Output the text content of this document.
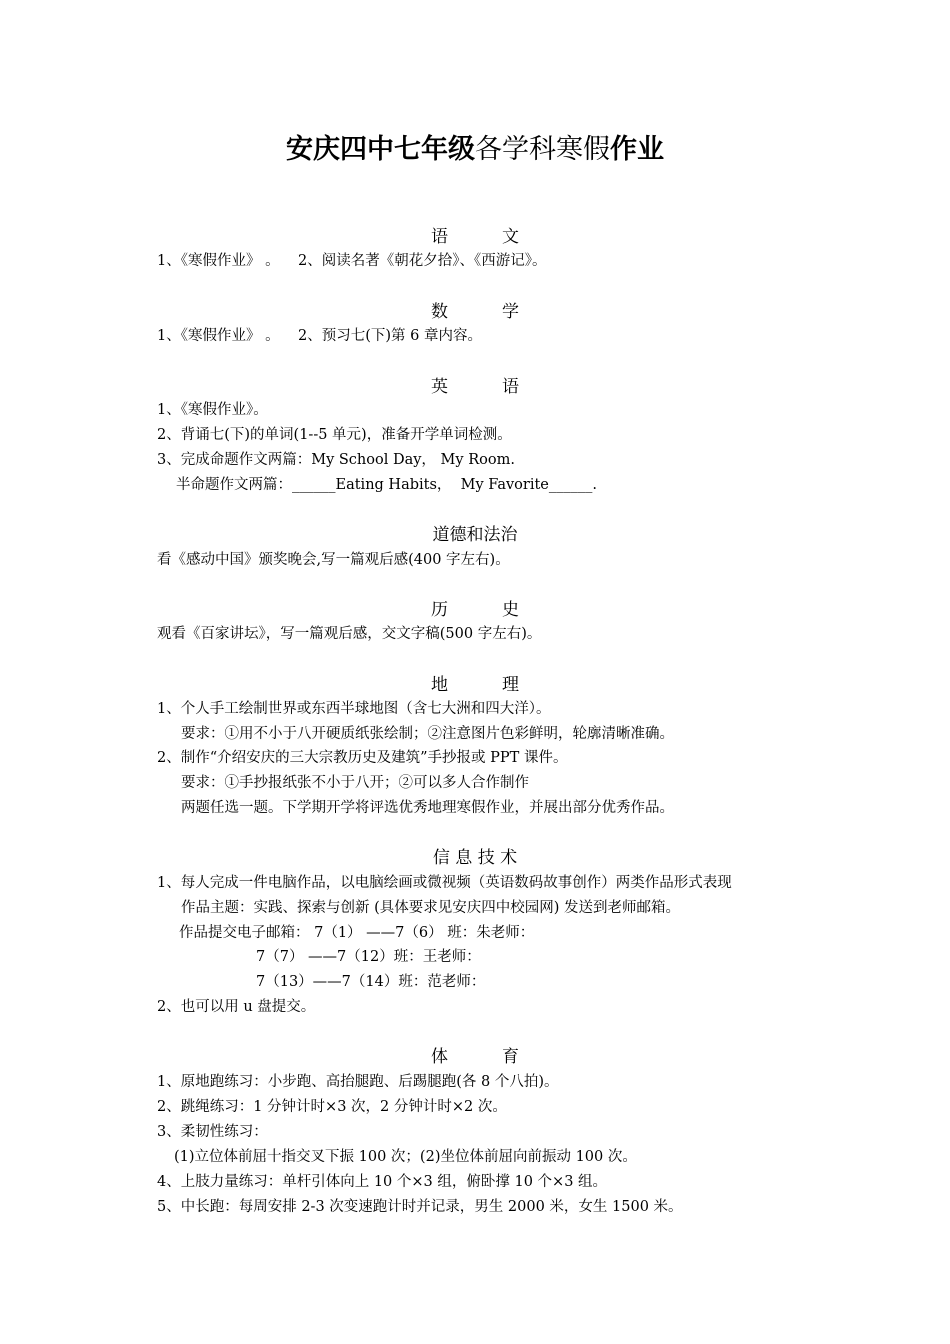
安庆四中七年级各学科寒假作业
语          文
1、《寒假作业》 。    2、阅读名著《朝花夕拾》、《西游记》。
数          学
1、《寒假作业》 。    2、预习七(下)第 6 章内容。
英          语
1、《寒假作业》。
2、背诵七(下)的单词(1--5 单元)，准备开学单词检测。
3、完成命题作文两篇：My School Day， My Room.
半命题作文两篇：______Eating Habits，  My Favorite______.
道德和法治
看《感动中国》颁奖晚会,写一篇观后感(400 字左右)。
历          史
观看《百家讲坛》，写一篇观后感，交文字稿(500 字左右)。
地          理
1、个人手工绘制世界或东西半球地图（含七大洲和四大洋）。
要求：①用不小于八开硬质纸张绘制；②注意图片色彩鲜明，轮廓清晰准确。
2、制作“介绍安庆的三大宗教历史及建筑”手抄报或 PPT 课件。
要求：①手抄报纸张不小于八开；②可以多人合作制作
两题任选一题。下学期开学将评选优秀地理寒假作业，并展出部分优秀作品。
信 息 技 术
1、每人完成一件电脑作品，以电脑绘画或微视频（英语数码故事创作）两类作品形式表现
作品主题：实践、探索与创新 (具体要求见安庆四中校园网) 发送到老师邮箱。
作品提交电子邮箱： 7（1） ——7（6） 班：朱老师：
7（7） ——7（12）班：王老师：
7（13）——7（14）班：范老师：
2、也可以用 u 盘提交。
体          育
1、原地跑练习：小步跑、高抬腿跑、后踢腿跑(各 8 个八拍)。
2、跳绳练习：1 分钟计时×3 次，2 分钟计时×2 次。
3、柔韧性练习：
(1)立位体前屈十指交叉下振 100 次；(2)坐位体前屈向前振动 100 次。
4、上肢力量练习：单杆引体向上 10 个×3 组，俯卧撑 10 个×3 组。
5、中长跑：每周安排 2-3 次变速跑计时并记录，男生 2000 米，女生 1500 米。
